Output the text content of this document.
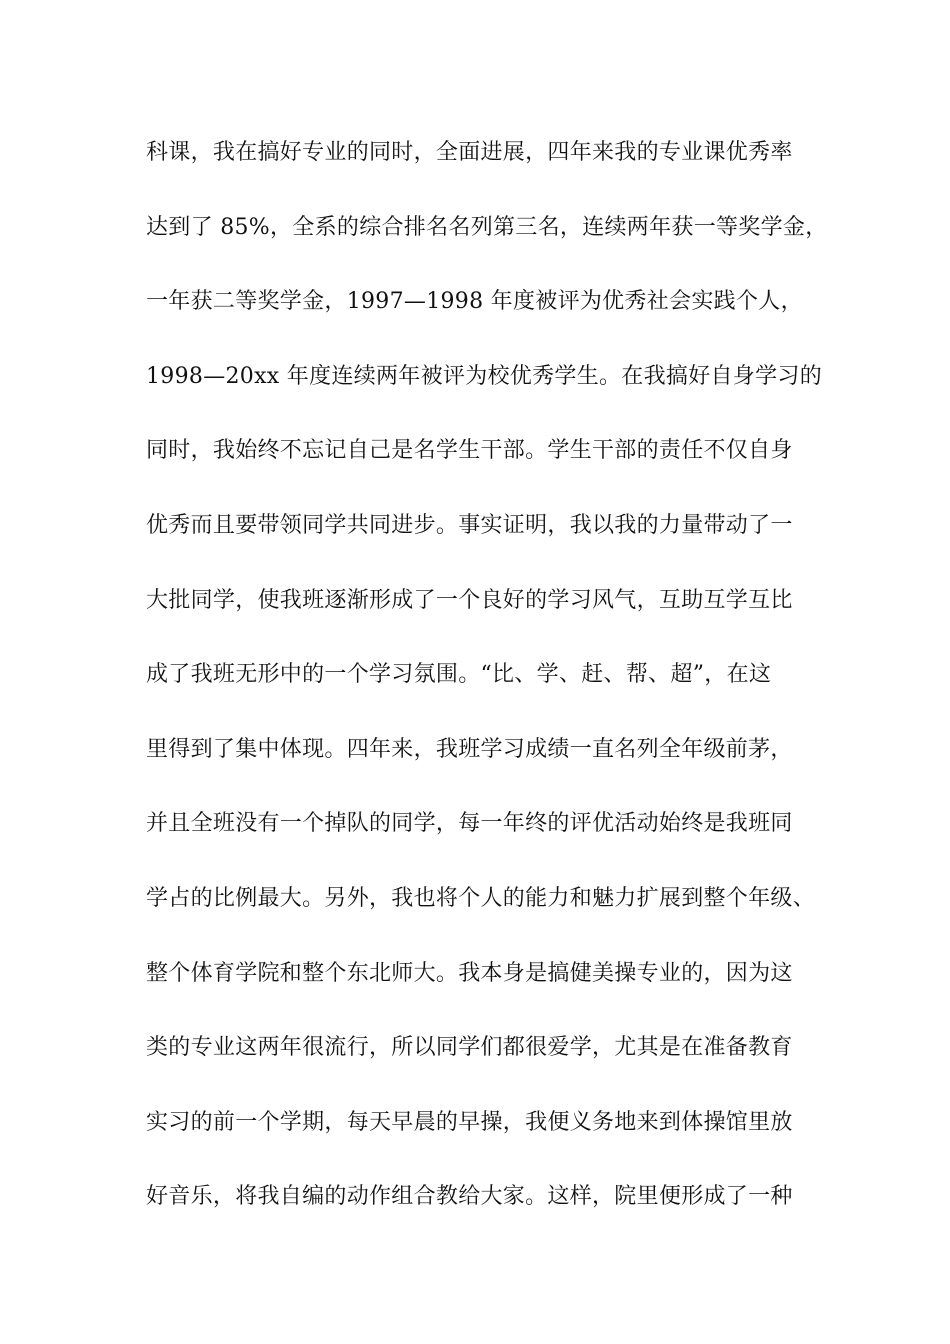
科课，我在搞好专业的同时，全面进展，四年来我的专业课优秀率
达到了 85%，全系的综合排名名列第三名，连续两年获一等奖学金，
一年获二等奖学金，1997—1998 年度被评为优秀社会实践个人，
1998—20xx 年度连续两年被评为校优秀学生。在我搞好自身学习的
同时，我始终不忘记自己是名学生干部。学生干部的责任不仅自身
优秀而且要带领同学共同进步。事实证明，我以我的力量带动了一
大批同学，使我班逐渐形成了一个良好的学习风气，互助互学互比
成了我班无形中的一个学习氛围。“比、学、赶、帮、超”，在这
里得到了集中体现。四年来，我班学习成绩一直名列全年级前茅，
并且全班没有一个掉队的同学，每一年终的评优活动始终是我班同
学占的比例最大。另外，我也将个人的能力和魅力扩展到整个年级、
整个体育学院和整个东北师大。我本身是搞健美操专业的，因为这
类的专业这两年很流行，所以同学们都很爱学，尤其是在准备教育
实习的前一个学期，每天早晨的早操，我便义务地来到体操馆里放
好音乐，将我自编的动作组合教给大家。这样，院里便形成了一种
